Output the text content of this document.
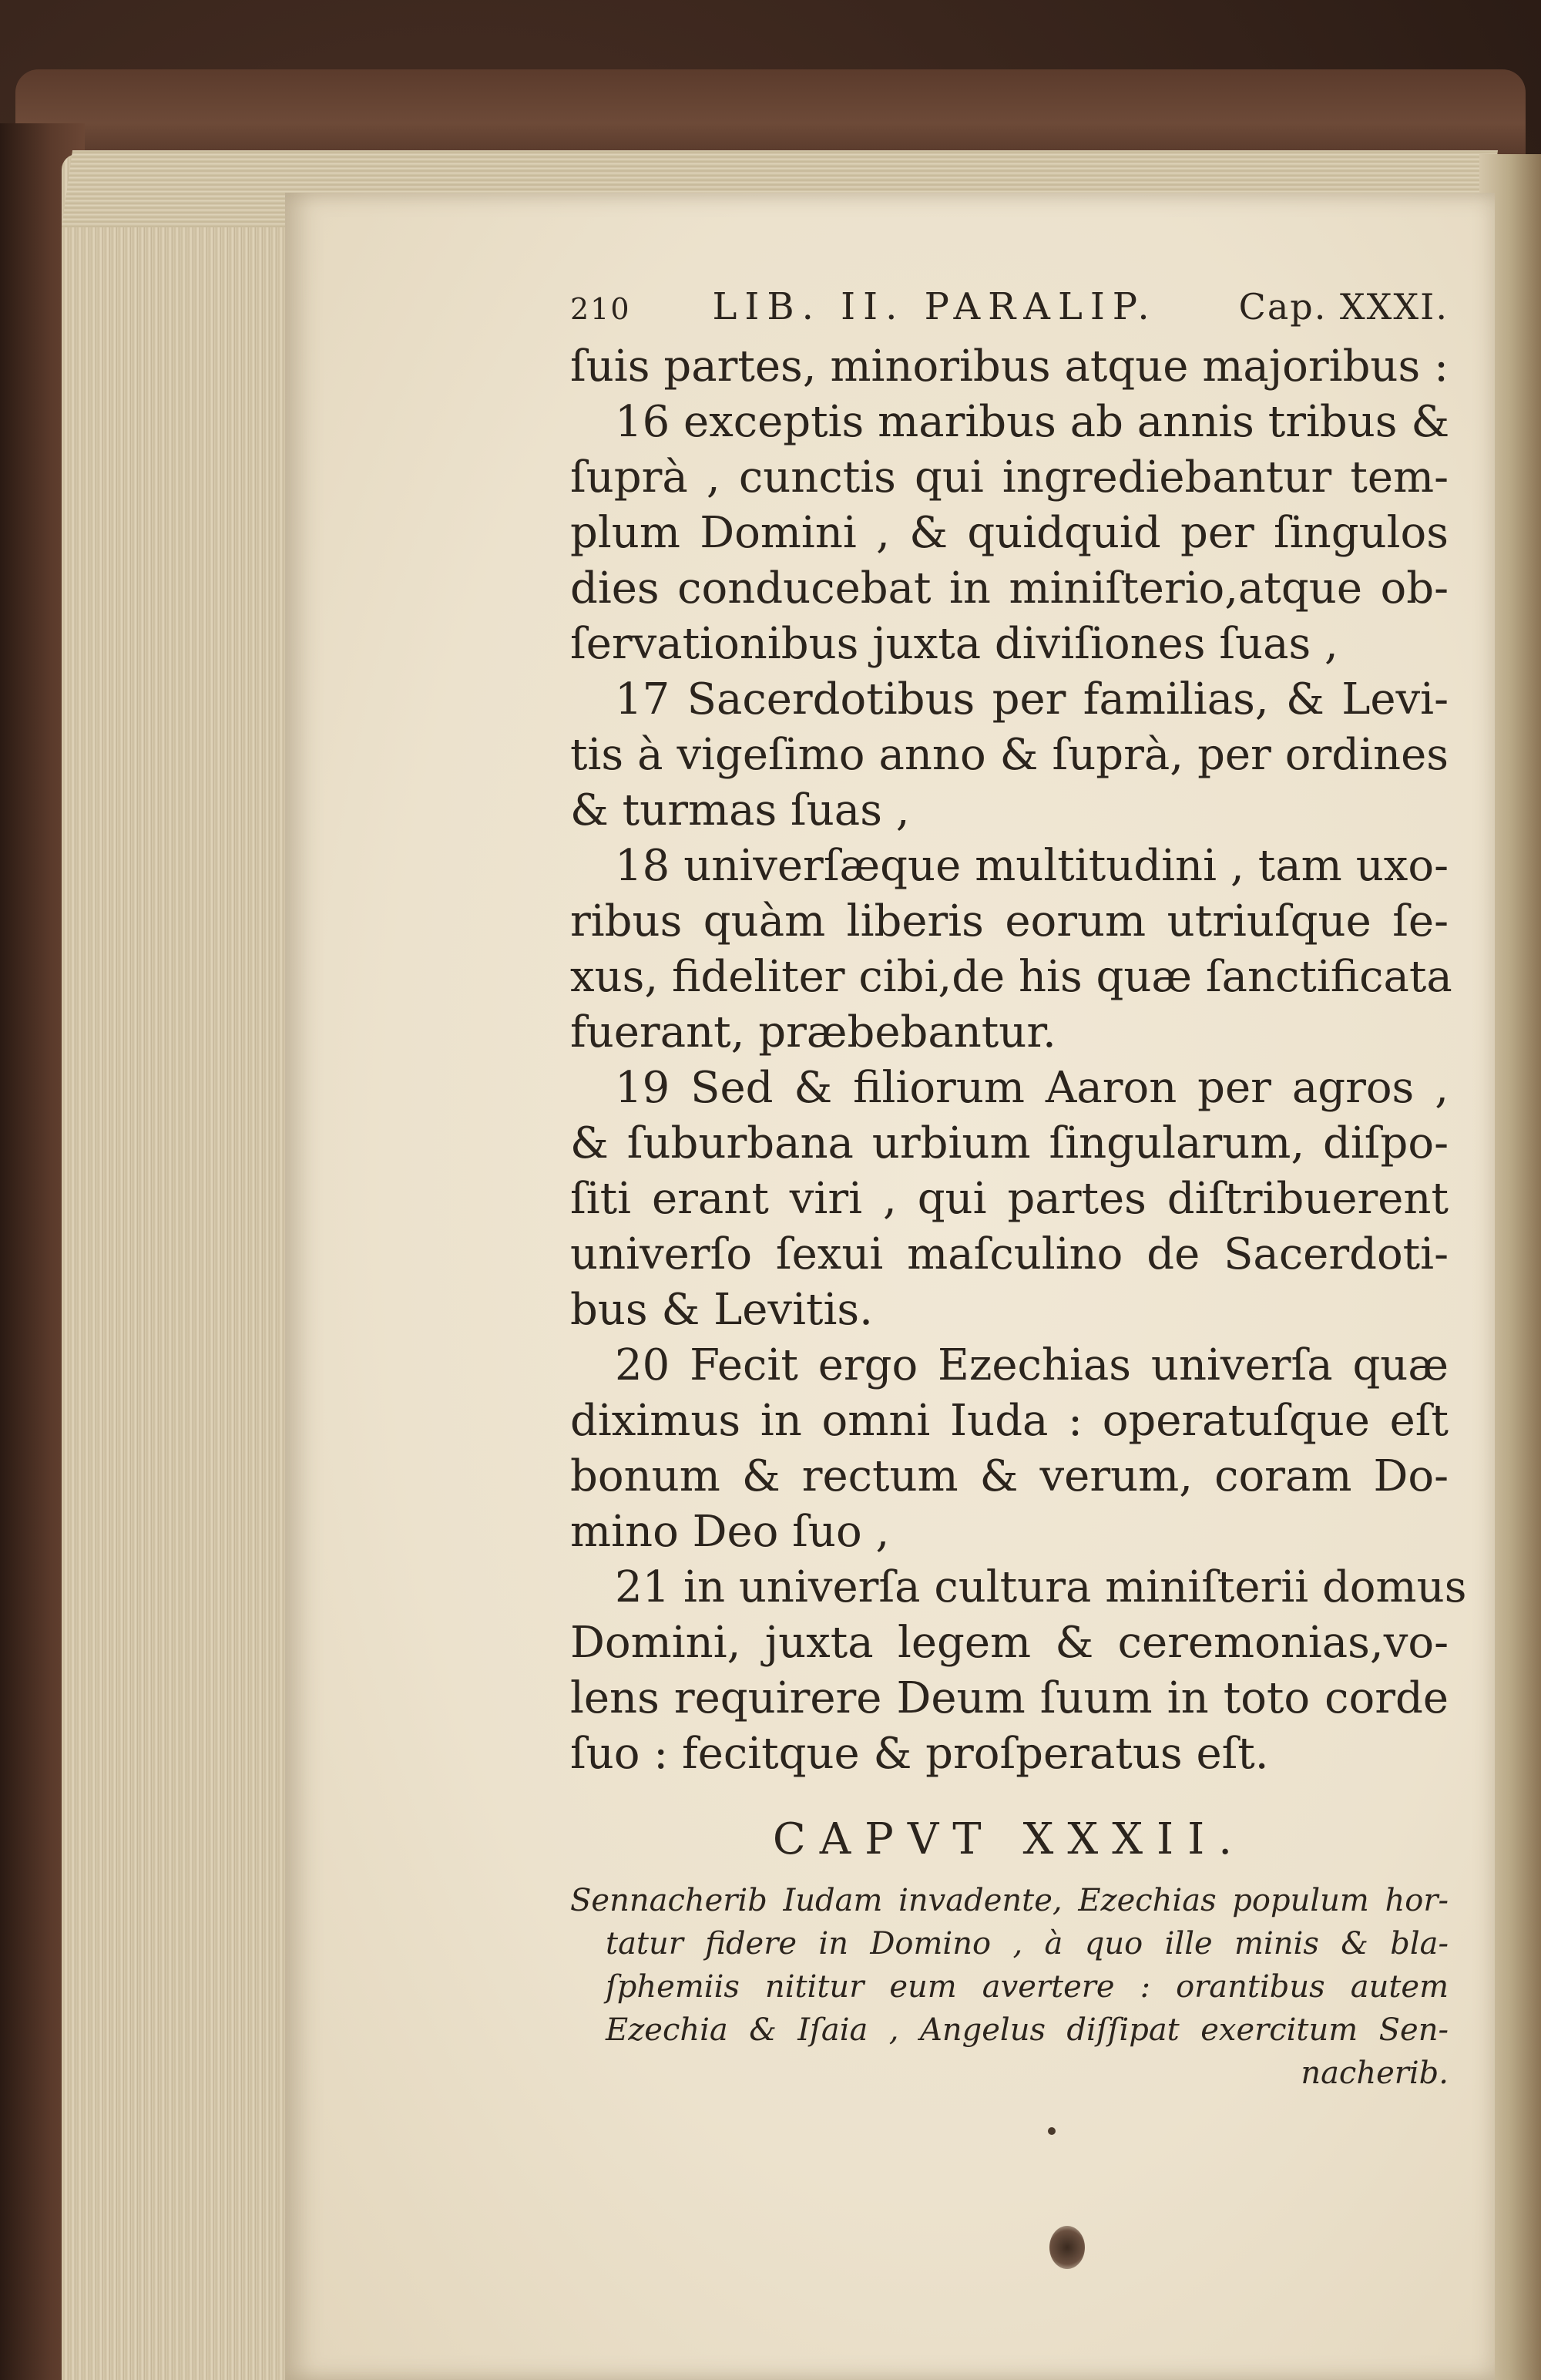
210 LIB. II. PARALIP. Cap. XXXI.
ſuis partes, minoribus atque majoribus :
16 exceptis maribus ab annis tribus &
ſuprà , cunctis qui ingrediebantur tem-
plum Domini , & quidquid per ſingulos
dies conducebat in miniſterio,atque ob-
ſervationibus juxta diviſiones ſuas ,
17 Sacerdotibus per familias, & Levi-
tis à vigeſimo anno & ſuprà, per ordines
& turmas ſuas ,
18 univerſæque multitudini , tam uxo-
ribus quàm liberis eorum utriuſque ſe-
xus, fideliter cibi,de his quæ ſanctificata
fuerant, præbebantur.
19 Sed & filiorum Aaron per agros ,
& ſuburbana urbium ſingularum, diſpo-
ſiti erant viri , qui partes diſtribuerent
univerſo ſexui maſculino de Sacerdoti-
bus & Levitis.
20 Fecit ergo Ezechias univerſa quæ
diximus in omni Iuda : operatuſque eſt
bonum & rectum & verum, coram Do-
mino Deo ſuo ,
21 in univerſa cultura miniſterii domus
Domini, juxta legem & ceremonias,vo-
lens requirere Deum ſuum in toto corde
ſuo : fecitque & proſperatus eſt.
CAPVT XXXII.
Sennacherib Iudam invadente, Ezechias populum hor-
tatur fidere in Domino , à quo ille minis & bla-
ſphemiis nititur eum avertere : orantibus autem
Ezechia & Iſaia , Angelus diſſipat exercitum Sen-
nacherib.
